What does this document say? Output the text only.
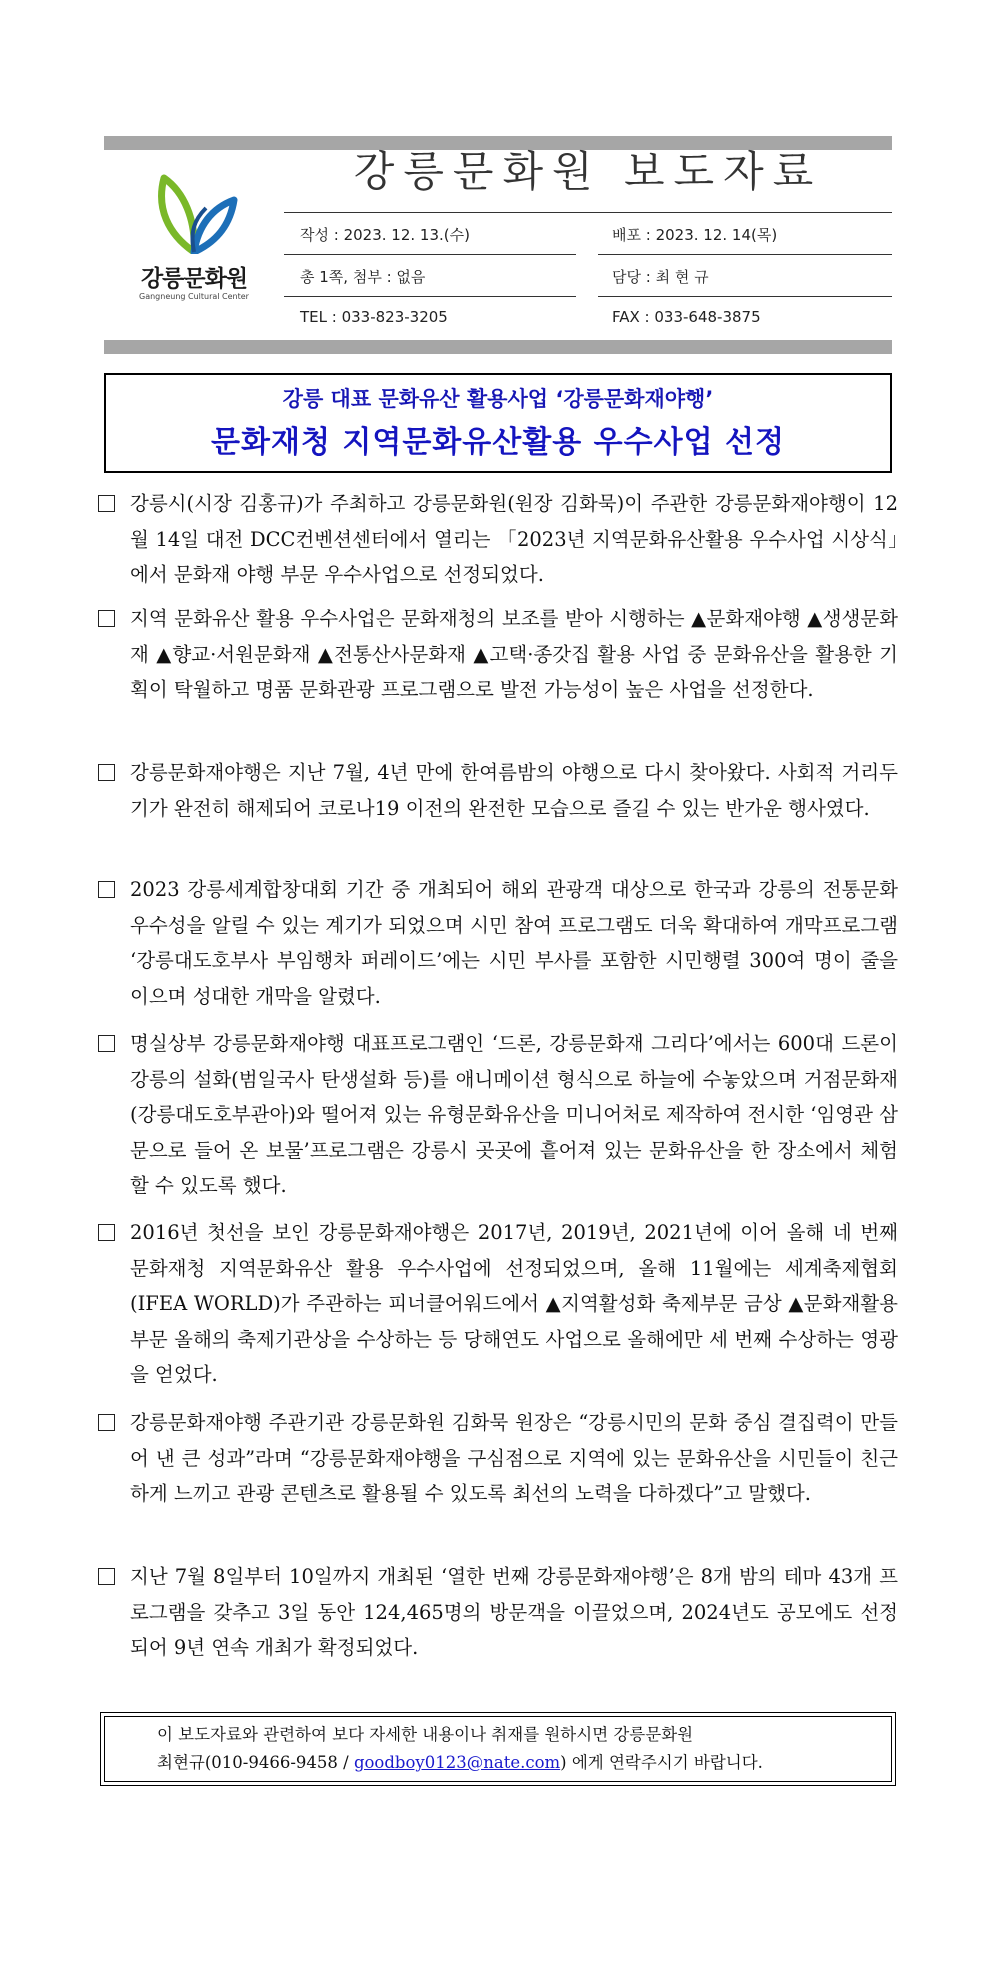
강릉문화원
Gangneung Cultural Center
강릉문화원 보도자료
작성 : 2023. 12. 13.(수)	배포 : 2023. 12. 14(목)
총 1쪽, 첨부 : 없음	담당 : 최 현 규
TEL : 033-823-3205	FAX : 033-648-3875
강릉 대표 문화유산 활용사업 ‘강릉문화재야행’
문화재청 지역문화유산활용 우수사업 선정
강릉시(시장 김홍규)가 주최하고 강릉문화원(원장 김화묵)이 주관한 강릉문화재야행이 12월 14일 대전 DCC컨벤션센터에서 열리는 「2023년 지역문화유산활용 우수사업 시상식」에서 문화재 야행 부문 우수사업으로 선정되었다.
지역 문화유산 활용 우수사업은 문화재청의 보조를 받아 시행하는 ▲문화재야행 ▲생생문화재 ▲향교·서원문화재 ▲전통산사문화재 ▲고택·종갓집 활용 사업 중 문화유산을 활용한 기획이 탁월하고 명품 문화관광 프로그램으로 발전 가능성이 높은 사업을 선정한다.
강릉문화재야행은 지난 7월, 4년 만에 한여름밤의 야행으로 다시 찾아왔다. 사회적 거리두기가 완전히 해제되어 코로나19 이전의 완전한 모습으로 즐길 수 있는 반가운 행사였다.
2023 강릉세계합창대회 기간 중 개최되어 해외 관광객 대상으로 한국과 강릉의 전통문화 우수성을 알릴 수 있는 계기가 되었으며 시민 참여 프로그램도 더욱 확대하여 개막프로그램 ‘강릉대도호부사 부임행차 퍼레이드’에는 시민 부사를 포함한 시민행렬 300여 명이 줄을 이으며 성대한 개막을 알렸다.
명실상부 강릉문화재야행 대표프로그램인 ‘드론, 강릉문화재 그리다’에서는 600대 드론이 강릉의 설화(범일국사 탄생설화 등)를 애니메이션 형식으로 하늘에 수놓았으며 거점문화재(강릉대도호부관아)와 떨어져 있는 유형문화유산을 미니어처로 제작하여 전시한 ‘임영관 삼문으로 들어 온 보물’프로그램은 강릉시 곳곳에 흩어져 있는 문화유산을 한 장소에서 체험할 수 있도록 했다.
2016년 첫선을 보인 강릉문화재야행은 2017년, 2019년, 2021년에 이어 올해 네 번째 문화재청 지역문화유산 활용 우수사업에 선정되었으며, 올해 11월에는 세계축제협회(IFEA WORLD)가 주관하는 피너클어워드에서 ▲지역활성화 축제부문 금상 ▲문화재활용부문 올해의 축제기관상을 수상하는 등 당해연도 사업으로 올해에만 세 번째 수상하는 영광을 얻었다.
강릉문화재야행 주관기관 강릉문화원 김화묵 원장은 “강릉시민의 문화 중심 결집력이 만들어 낸 큰 성과”라며 “강릉문화재야행을 구심점으로 지역에 있는 문화유산을 시민들이 친근하게 느끼고 관광 콘텐츠로 활용될 수 있도록 최선의 노력을 다하겠다”고 말했다.
지난 7월 8일부터 10일까지 개최된 ‘열한 번째 강릉문화재야행’은 8개 밤의 테마 43개 프로그램을 갖추고 3일 동안 124,465명의 방문객을 이끌었으며, 2024년도 공모에도 선정되어 9년 연속 개최가 확정되었다.
이 보도자료와 관련하여 보다 자세한 내용이나 취재를 원하시면 강릉문화원
최현규(010-9466-9458 / goodboy0123@nate.com) 에게 연락주시기 바랍니다.
